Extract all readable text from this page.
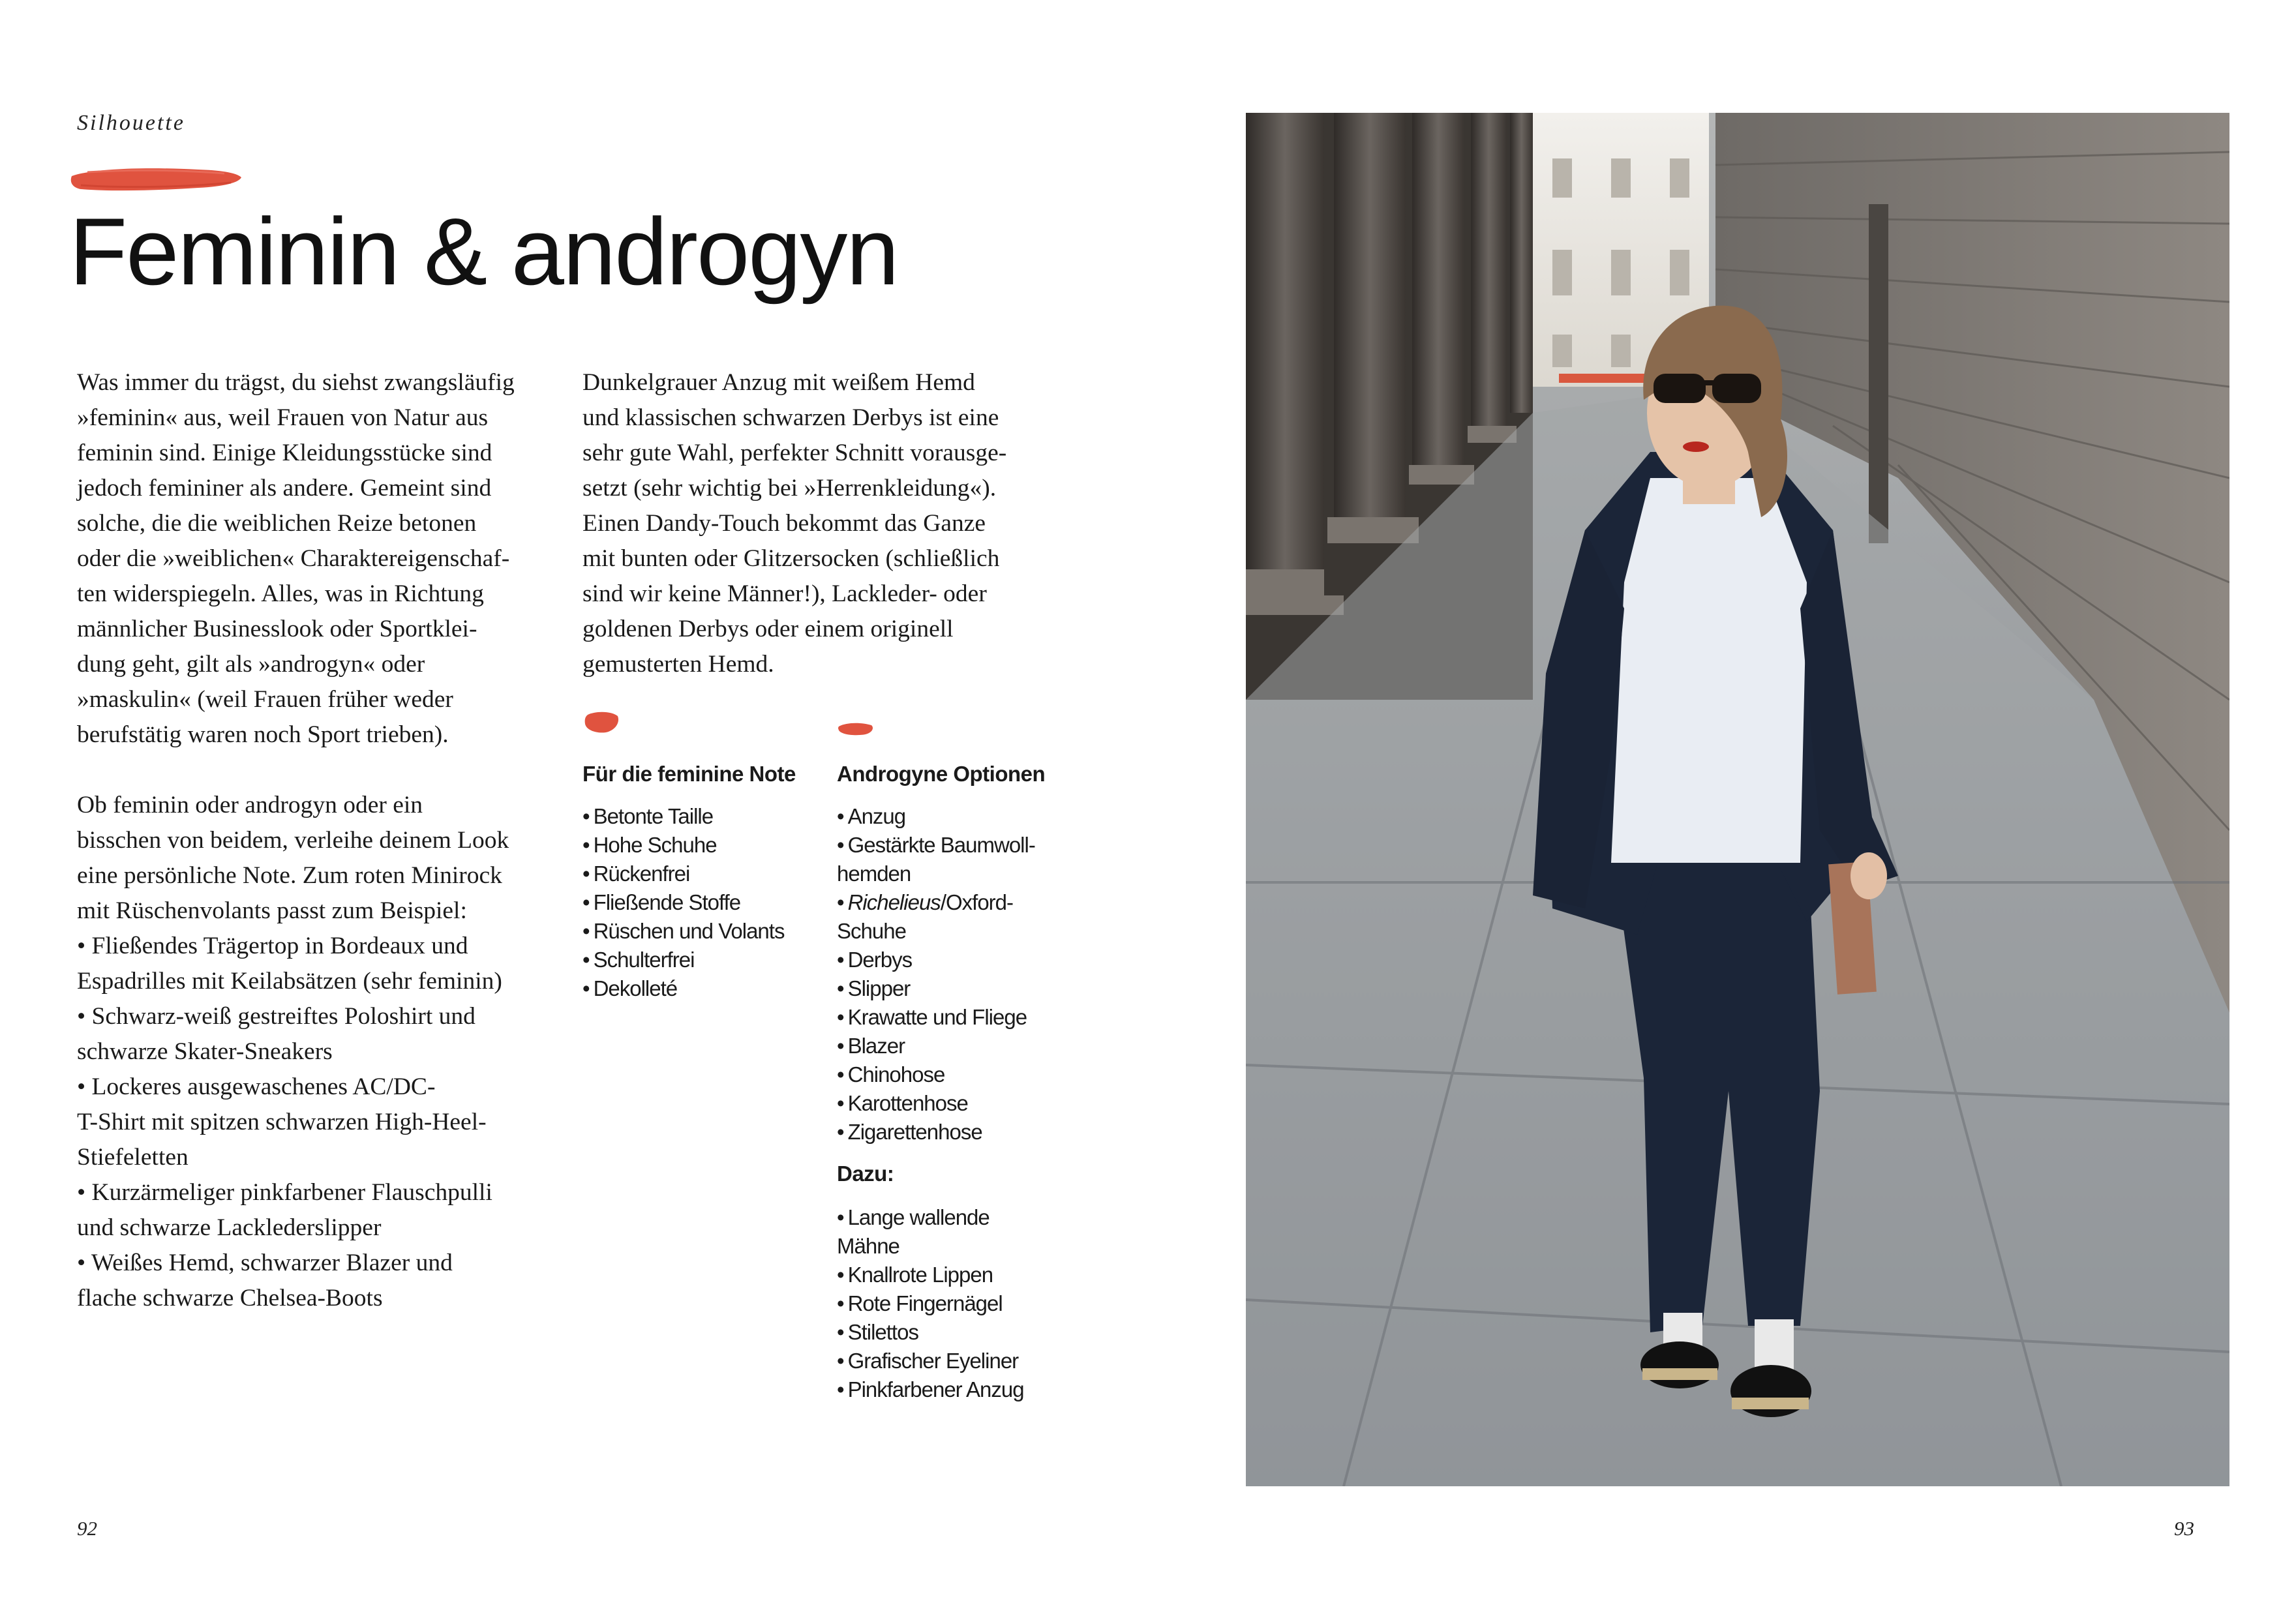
Silhouette
Feminin & androgyn

Was immer du trägst, du siehst zwangsläufig
»feminin« aus, weil Frauen von Natur aus
feminin sind. Einige Kleidungsstücke sind
jedoch femininer als andere. Gemeint sind
solche, die die weiblichen Reize betonen
oder die »weiblichen« Charaktereigenschaf-
ten widerspiegeln. Alles, was in Richtung
männlicher Businesslook oder Sportklei-
dung geht, gilt als »androgyn« oder
»maskulin« (weil Frauen früher weder
berufstätig waren noch Sport trieben).

Ob feminin oder androgyn oder ein
bisschen von beidem, verleihe deinem Look
eine persönliche Note. Zum roten Minirock
mit Rüschenvolants passt zum Beispiel:
• Fließendes Trägertop in Bordeaux und
Espadrilles mit Keilabsätzen (sehr feminin)
• Schwarz-weiß gestreiftes Poloshirt und
schwarze Skater-Sneakers
• Lockeres ausgewaschenes AC/DC-
T-Shirt mit spitzen schwarzen High-Heel-
Stiefeletten
• Kurzärmeliger pinkfarbener Flauschpulli
und schwarze Lacklederslipper
• Weißes Hemd, schwarzer Blazer und
flache schwarze Chelsea-Boots

Dunkelgrauer Anzug mit weißem Hemd
und klassischen schwarzen Derbys ist eine
sehr gute Wahl, perfekter Schnitt vorausge-
setzt (sehr wichtig bei »Herrenkleidung«).
Einen Dandy-Touch bekommt das Ganze
mit bunten oder Glitzersocken (schließlich
sind wir keine Männer!), Lackleder- oder
goldenen Derbys oder einem originell
gemusterten Hemd.

Für die feminine Note
• Betonte Taille
• Hohe Schuhe
• Rückenfrei
• Fließende Stoffe
• Rüschen und Volants
• Schulterfrei
• Dekolleté
Androgyne Optionen
• Anzug
• Gestärkte Baumwoll-
hemden
• Richelieus/Oxford-
Schuhe
• Derbys
• Slipper
• Krawatte und Fliege
• Blazer
• Chinohose
• Karottenhose
• Zigarettenhose
Dazu:
• Lange wallende
Mähne
• Knallrote Lippen
• Rote Fingernägel
• Stilettos
• Grafischer Eyeliner
• Pinkfarbener Anzug
92	93
